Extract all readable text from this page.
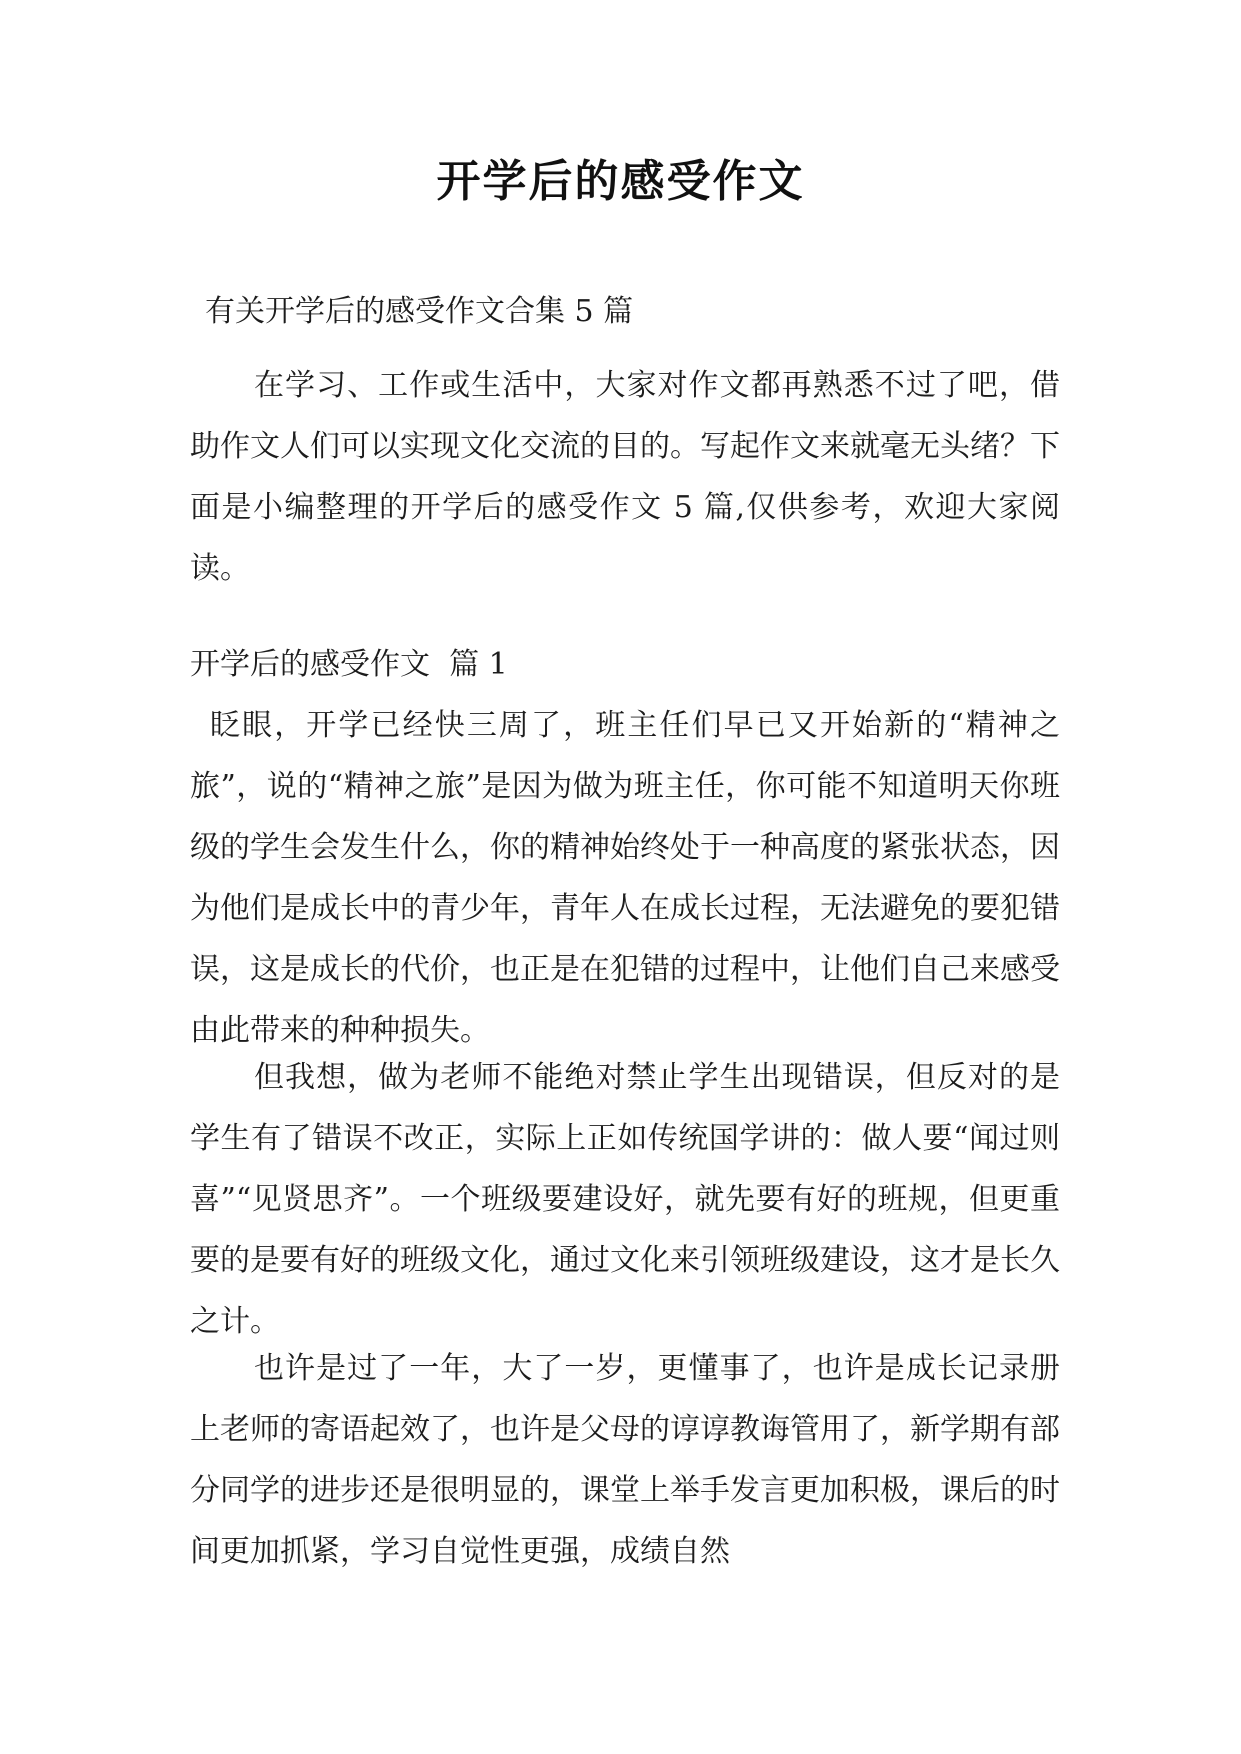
开学后的感受作文
有关开学后的感受作文合集 5 篇
在学习、工作或生活中，大家对作文都再熟悉不过了吧，借助作文人们可以实现文化交流的目的。写起作文来就毫无头绪？下面是小编整理的开学后的感受作文 5 篇,仅供参考，欢迎大家阅读。
开学后的感受作文  篇 1
眨眼，开学已经快三周了，班主任们早已又开始新的“精神之旅”，说的“精神之旅”是因为做为班主任，你可能不知道明天你班级的学生会发生什么，你的精神始终处于一种高度的紧张状态，因为他们是成长中的青少年，青年人在成长过程，无法避免的要犯错误，这是成长的代价，也正是在犯错的过程中，让他们自己来感受由此带来的种种损失。
但我想，做为老师不能绝对禁止学生出现错误，但反对的是学生有了错误不改正，实际上正如传统国学讲的：做人要“闻过则喜”“见贤思齐”。一个班级要建设好，就先要有好的班规，但更重要的是要有好的班级文化，通过文化来引领班级建设，这才是长久之计。
也许是过了一年，大了一岁，更懂事了，也许是成长记录册上老师的寄语起效了，也许是父母的谆谆教诲管用了，新学期有部分同学的进步还是很明显的，课堂上举手发言更加积极，课后的时间更加抓紧，学习自觉性更强，成绩自然
